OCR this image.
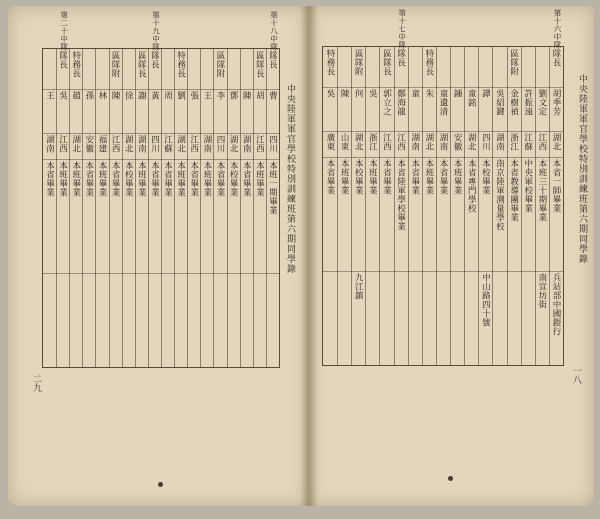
中央陸軍軍官學校特別訓練班第六期同學錄
二九
隊長
曹
四川
本班一期畢業
區隊長
胡
江西
本班畢業
陳
湖南
本省畢業
鄧
湖北
本校畢業
區隊附
李
四川
本省畢業
王
湖南
本班畢業
張
江西
本省畢業
特務長
劉
湖北
本班畢業
周
江蘇
本省畢業
隊長
黃
四川
本省畢業
區隊長
謝
湖南
本班畢業
徐
湖北
本校畢業
區隊附
陳
江西
本省畢業
林
福建
本班畢業
孫
安徽
本省畢業
特務長
趙
湖北
本班畢業
隊長
吳
江西
本班畢業
王
湖南
本省畢業
第十八中隊
第十九中隊
第二十中隊
中央陸軍軍官學校特別訓練班第六期同學錄
一八
隊長
胡季芳
湖北
本省一師畢業
兵站部中國銀行
劉文定
江西
本班三十期畢業
南宣坊街
許振遠
江蘇
中央軍校畢業
區隊附
金樹禎
浙江
本省教導團畢業
吳紹鍵
湖南
南京陸軍測量學校
譚
四川
本校畢業
中山路四十號
童銘
湖北
本省專門學校
鍾
安徽
本班畢業
童遺清
湖南
本省畢業
特務長
朱
湖北
本班畢業
童
湖南
本省畢業
隊長
鄭海龍
江西
本省陸軍學校畢業
區隊長
郭立之
江西
本省畢業
吳
浙江
本班畢業
區隊附
何
湖北
本校畢業
九江鎮
陳
山東
本班畢業
特務長
吳
廣東
本省畢業
第十六中隊
第十七中隊
